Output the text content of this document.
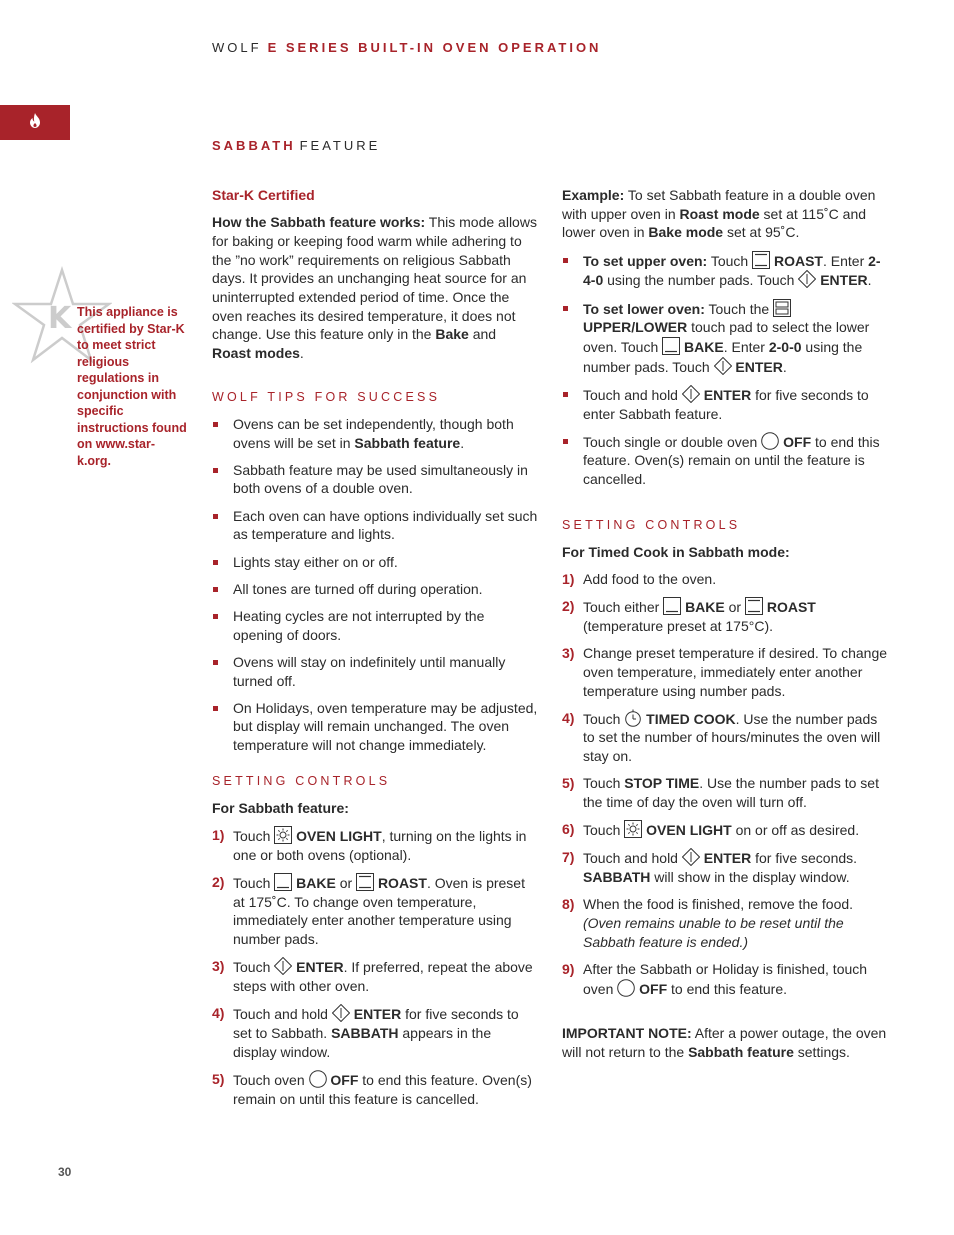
WOLF E SERIES BUILT-IN OVEN OPERATION
SABBATH FEATURE
K This appliance is certified by Star-K to meet strict religious regulations in conjunction with specific instructions found on www.star-k.org.

Star-K Certified

How the Sabbath feature works: This mode allows for baking or keeping food warm while adhering to the ”no work” requirements on religious Sabbath days. It provides an unchanging heat source for an uninterrupted extended period of time. Once the oven reaches its desired temperature, it does not change. Use this feature only in the Bake and Roast modes.

WOLF TIPS FOR SUCCESS
Ovens can be set independently, though both ovens will be set in Sabbath feature.
Sabbath feature may be used simultaneously in both ovens of a double oven.
Each oven can have options individually set such as temperature and lights.
Lights stay either on or off.
All tones are turned off during operation.
Heating cycles are not interrupted by the opening of doors.
Ovens will stay on indefinitely until manually turned off.
On Holidays, oven temperature may be adjusted, but display will remain unchanged. The oven temperature will not change immediately.
SETTING CONTROLS

For Sabbath feature:

1) Touch
OVEN LIGHT, turning on the lights in one or both ovens (optional).
2) Touch
BAKE or
ROAST. Oven is preset at 175˚C. To change oven temperature, immediately enter another temperature using number pads.
3) Touch
ENTER. If preferred, repeat the above steps with other oven.
4) Touch and hold
ENTER for five seconds to set to Sabbath. SABBATH appears in the display window.
5) Touch oven
OFF to end this feature. Oven(s) remain on until this feature is cancelled.

Example: To set Sabbath feature in a double oven with upper oven in Roast mode set at 115˚C and lower oven in Bake mode set at 95˚C.

To set upper oven: Touch
ROAST. Enter 2-4-0 using the number pads. Touch
ENTER.
To set lower oven: Touch the
UPPER/LOWER touch pad to select the lower oven. Touch
BAKE. Enter 2-0-0 using the number pads. Touch
ENTER.
Touch and hold
ENTER for five seconds to enter Sabbath feature.
Touch single or double oven
OFF to end this feature. Oven(s) remain on until the feature is cancelled.
SETTING CONTROLS

For Timed Cook in Sabbath mode:

1) Add food to the oven.
2) Touch either
BAKE or
ROAST (temperature preset at 175°C).
3) Change preset temperature if desired. To change oven temperature, immediately enter another temperature using number pads.
4) Touch
TIMED COOK. Use the number pads to set the number of hours/minutes the oven will stay on.
5) Touch STOP TIME. Use the number pads to set the time of day the oven will turn off.
6) Touch
OVEN LIGHT on or off as desired.
7) Touch and hold
ENTER for five seconds. SABBATH will show in the display window.
8) When the food is finished, remove the food. (Oven remains unable to be reset until the Sabbath feature is ended.)
9) After the Sabbath or Holiday is finished, touch oven
OFF to end this feature.

IMPORTANT NOTE: After a power outage, the oven will not return to the Sabbath feature settings.

30
